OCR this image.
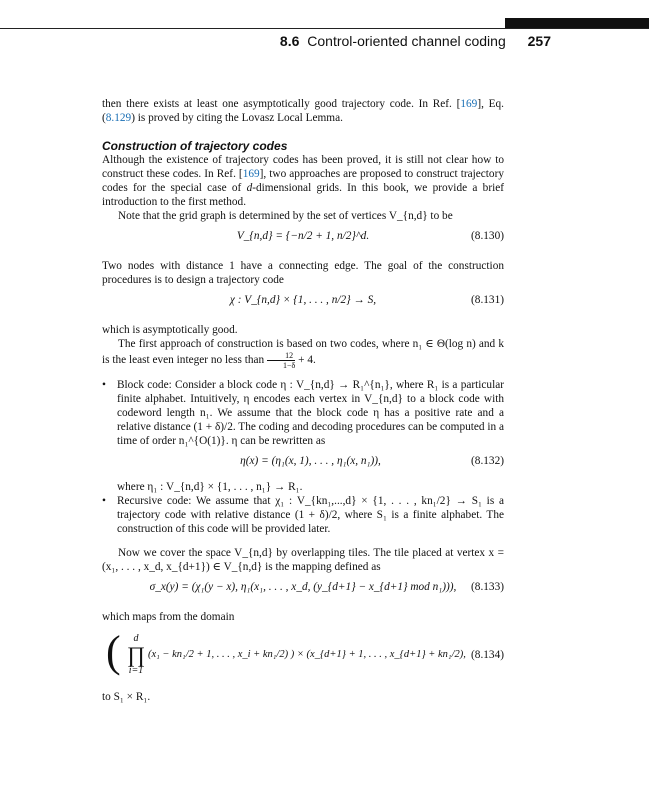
8.6 Control-oriented channel coding 257

then there exists at least one asymptotically good trajectory code. In Ref. [169], Eq. (8.129) is proved by citing the Lovasz Local Lemma.

Construction of trajectory codes

Although the existence of trajectory codes has been proved, it is still not clear how to construct these codes. In Ref. [169], two approaches are proposed to construct trajectory codes for the special case of d-dimensional grids. In this book, we provide a brief introduction to the first method.

Note that the grid graph is determined by the set of vertices V_{n,d} to be

V_{n,d} = {−n/2 + 1, n/2}^d.	(8.130)

Two nodes with distance 1 have a connecting edge. The goal of the construction procedures is to design a trajectory code

χ : V_{n,d} × {1, . . . , n/2} → S,	(8.131)

which is asymptotically good.

The first approach of construction is based on two codes, where n₁ ∈ Θ(log n) and k is the least even integer no less than $\frac{12}{1-\delta} + 4$.

• Block code: Consider a block code η : V_{n,d} → R₁^{n₁}, where R₁ is a particular finite alphabet. Intuitively, η encodes each vertex in V_{n,d} to a block code with codeword length n₁. We assume that the block code η has a positive rate and a relative distance (1 + δ)/2. The coding and decoding procedures can be computed in a time of order n₁^{O(1)}. η can be rewritten as
η(x) = (η₁(x, 1), . . . , η₁(x, n₁)),	(8.132)
where η₁ : V_{n,d} × {1, . . . , n₁} → R₁.
• Recursive code: We assume that χ₁ : V_{kn₁,...,d} × {1, . . . , kn₁/2} → S₁ is a trajectory code with relative distance (1 + δ)/2, where S₁ is a finite alphabet. The construction of this code will be provided later.

Now we cover the space V_{n,d} by overlapping tiles. The tile placed at vertex x = (x₁, . . . , x_d, x_{d+1}) ∈ V_{n,d} is the mapping defined as

σ_x(y) = (χ₁(y − x), η₁(x₁, . . . , x_d, (y_{d+1} − x_{d+1} mod n₁))),	(8.133)

which maps from the domain

(	d
∏
i=1
(x₁ − kn₁/2 + 1, . . . , x_i + kn₁/2) ) × (x_{d+1} + 1, . . . , x_{d+1} + kn₁/2), (8.134)

to S₁ × R₁.
